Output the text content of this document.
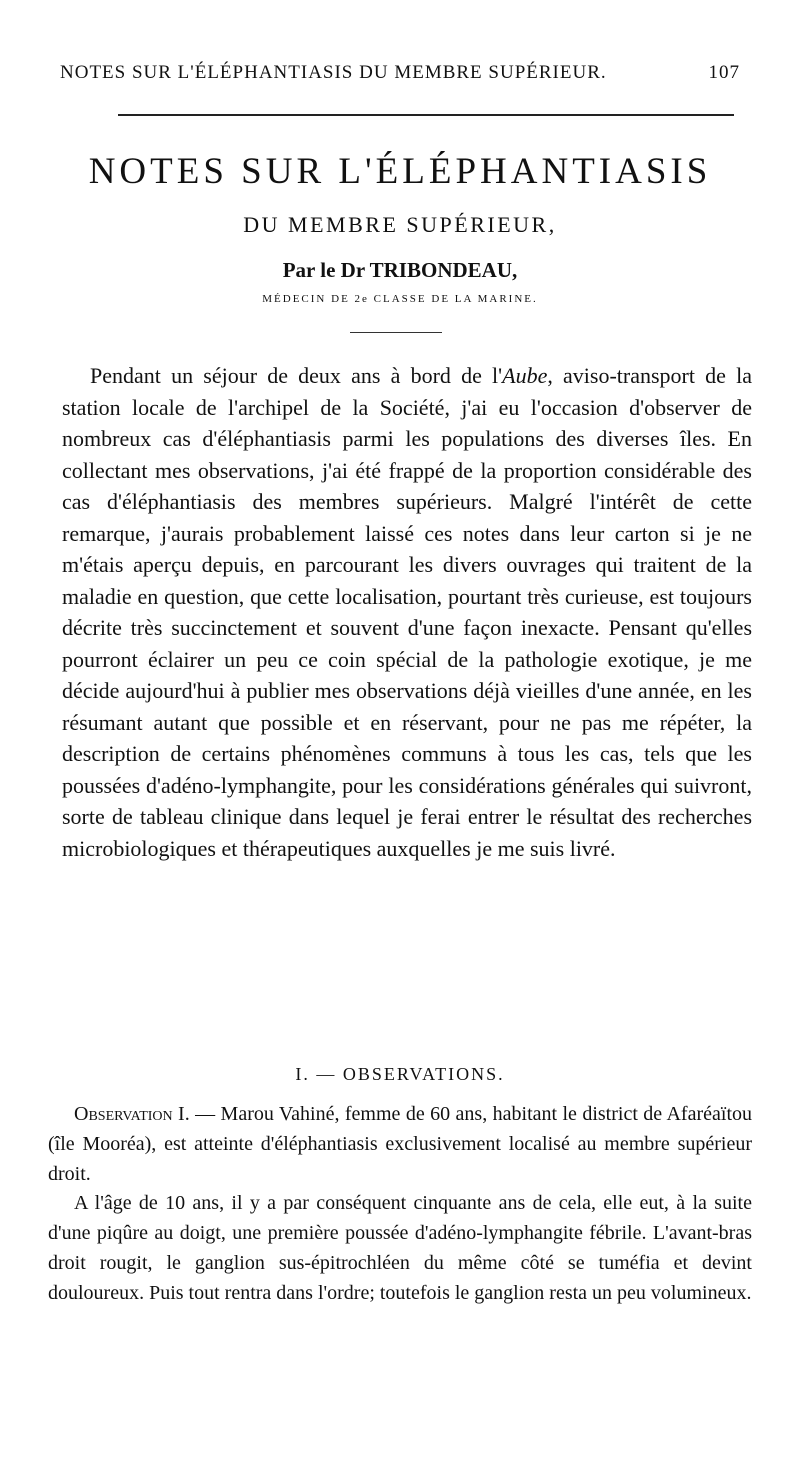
NOTES SUR L'ÉLÉPHANTIASIS DU MEMBRE SUPÉRIEUR.	107
NOTES SUR L'ÉLÉPHANTIASIS
DU MEMBRE SUPÉRIEUR,
Par le Dr TRIBONDEAU,
MÉDECIN DE 2e CLASSE DE LA MARINE.

Pendant un séjour de deux ans à bord de l'Aube, aviso-transport de la station locale de l'archipel de la Société, j'ai eu l'occasion d'observer de nombreux cas d'éléphantiasis parmi les populations des diverses îles. En collectant mes observations, j'ai été frappé de la proportion considérable des cas d'éléphantiasis des membres supérieurs. Malgré l'intérêt de cette remarque, j'aurais probablement laissé ces notes dans leur carton si je ne m'étais aperçu depuis, en parcourant les divers ouvrages qui traitent de la maladie en question, que cette localisation, pourtant très curieuse, est toujours décrite très succinctement et souvent d'une façon inexacte. Pensant qu'elles pourront éclairer un peu ce coin spécial de la pathologie exotique, je me décide aujourd'hui à publier mes observations déjà vieilles d'une année, en les résumant autant que possible et en réservant, pour ne pas me répéter, la description de certains phénomènes communs à tous les cas, tels que les poussées d'adéno-lymphangite, pour les considérations générales qui suivront, sorte de tableau clinique dans lequel je ferai entrer le résultat des recherches microbiologiques et thérapeutiques auxquelles je me suis livré.

I. — OBSERVATIONS.

Observation I. — Marou Vahiné, femme de 60 ans, habitant le district de Afaréaïtou (île Mooréa), est atteinte d'éléphantiasis exclusivement localisé au membre supérieur droit.

A l'âge de 10 ans, il y a par conséquent cinquante ans de cela, elle eut, à la suite d'une piqûre au doigt, une première poussée d'adéno-lymphangite fébrile. L'avant-bras droit rougit, le ganglion sus-épitrochléen du même côté se tuméfia et devint douloureux. Puis tout rentra dans l'ordre; toutefois le ganglion resta un peu volumineux.
